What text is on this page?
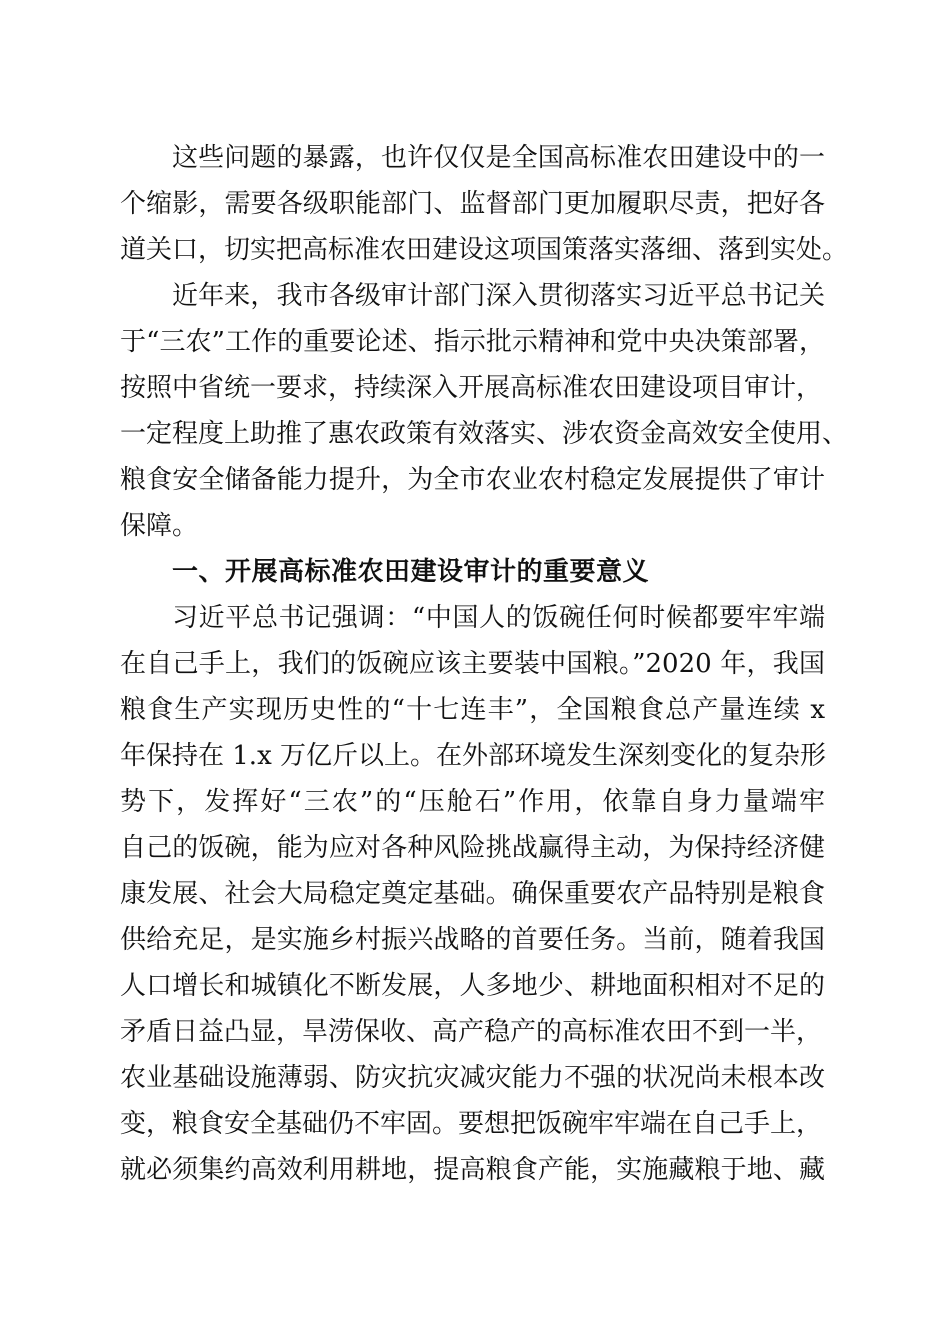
这些问题的暴露，也许仅仅是全国高标准农田建设中的一
个缩影，需要各级职能部门、监督部门更加履职尽责，把好各
道关口，切实把高标准农田建设这项国策落实落细、落到实处。
近年来，我市各级审计部门深入贯彻落实习近平总书记关
于“三农”工作的重要论述、指示批示精神和党中央决策部署，
按照中省统一要求，持续深入开展高标准农田建设项目审计，
一定程度上助推了惠农政策有效落实、涉农资金高效安全使用、
粮食安全储备能力提升，为全市农业农村稳定发展提供了审计
保障。
一、开展高标准农田建设审计的重要意义
习近平总书记强调：“中国人的饭碗任何时候都要牢牢端
在自己手上，我们的饭碗应该主要装中国粮。”2020 年，我国
粮食生产实现历史性的“十七连丰”，全国粮食总产量连续 x
年保持在 1.x 万亿斤以上。在外部环境发生深刻变化的复杂形
势下，发挥好“三农”的“压舱石”作用，依靠自身力量端牢
自己的饭碗，能为应对各种风险挑战赢得主动，为保持经济健
康发展、社会大局稳定奠定基础。确保重要农产品特别是粮食
供给充足，是实施乡村振兴战略的首要任务。当前，随着我国
人口增长和城镇化不断发展，人多地少、耕地面积相对不足的
矛盾日益凸显，旱涝保收、高产稳产的高标准农田不到一半，
农业基础设施薄弱、防灾抗灾减灾能力不强的状况尚未根本改
变，粮食安全基础仍不牢固。要想把饭碗牢牢端在自己手上，
就必须集约高效利用耕地，提高粮食产能，实施藏粮于地、藏
